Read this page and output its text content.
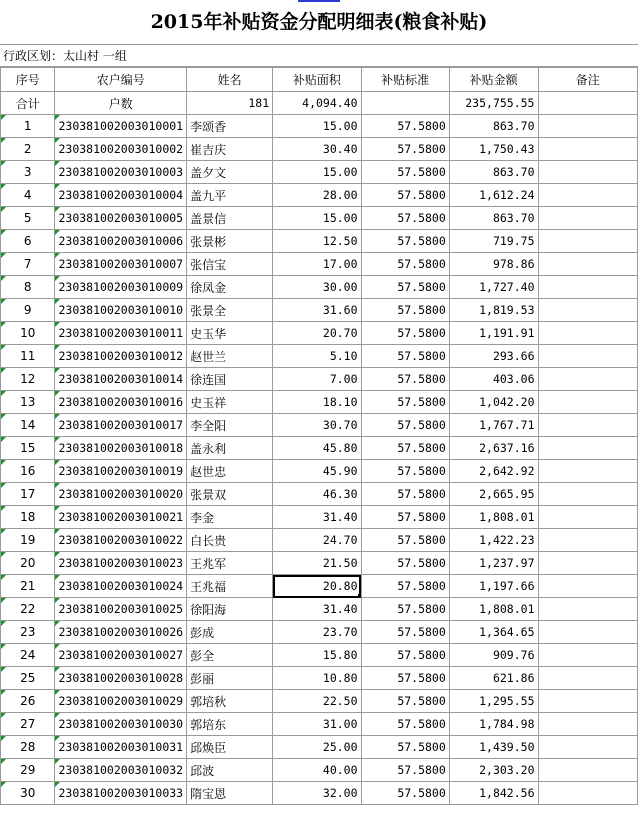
2015年补贴资金分配明细表(粮食补贴)
行政区划：太山村 一组
序号	农户编号	姓名	补贴面积	补贴标准	补贴金额	备注
合计	户数	181	4,094.40		235,755.55	
1	230381002003010001	李颂香	15.00	57.5800	863.70	
2	230381002003010002	崔吉庆	30.40	57.5800	1,750.43	
3	230381002003010003	盖夕文	15.00	57.5800	863.70	
4	230381002003010004	盖九平	28.00	57.5800	1,612.24	
5	230381002003010005	盖景信	15.00	57.5800	863.70	
6	230381002003010006	张景彬	12.50	57.5800	719.75	
7	230381002003010007	张信宝	17.00	57.5800	978.86	
8	230381002003010009	徐凤金	30.00	57.5800	1,727.40	
9	230381002003010010	张景全	31.60	57.5800	1,819.53	
10	230381002003010011	史玉华	20.70	57.5800	1,191.91	
11	230381002003010012	赵世兰	5.10	57.5800	293.66	
12	230381002003010014	徐连国	7.00	57.5800	403.06	
13	230381002003010016	史玉祥	18.10	57.5800	1,042.20	
14	230381002003010017	李全阳	30.70	57.5800	1,767.71	
15	230381002003010018	盖永利	45.80	57.5800	2,637.16	
16	230381002003010019	赵世忠	45.90	57.5800	2,642.92	
17	230381002003010020	张景双	46.30	57.5800	2,665.95	
18	230381002003010021	李金	31.40	57.5800	1,808.01	
19	230381002003010022	白长贵	24.70	57.5800	1,422.23	
20	230381002003010023	王兆军	21.50	57.5800	1,237.97	
21	230381002003010024	王兆福	20.80	57.5800	1,197.66	
22	230381002003010025	徐阳海	31.40	57.5800	1,808.01	
23	230381002003010026	彭成	23.70	57.5800	1,364.65	
24	230381002003010027	彭全	15.80	57.5800	909.76	
25	230381002003010028	彭丽	10.80	57.5800	621.86	
26	230381002003010029	郭培秋	22.50	57.5800	1,295.55	
27	230381002003010030	郭培东	31.00	57.5800	1,784.98	
28	230381002003010031	邱焕臣	25.00	57.5800	1,439.50	
29	230381002003010032	邱波	40.00	57.5800	2,303.20	
30	230381002003010033	隋宝恩	32.00	57.5800	1,842.56	
